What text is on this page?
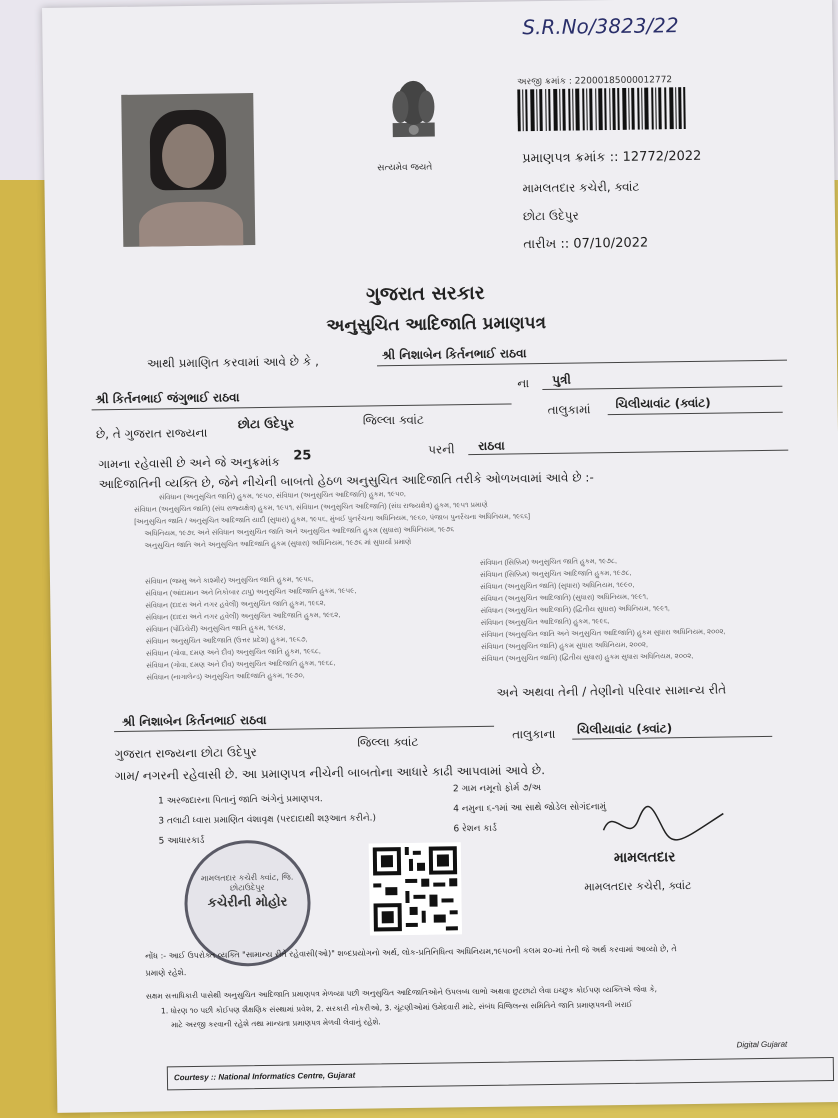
S.R.No/3823/22
સત્યમેવ જયતે
અરજી ક્રમાંક : 22000185000012772
પ્રમાણપત્ર ક્રમાંક :: 12772/2022
મામલતદાર કચેરી, ક્વાંટ
છોટા ઉદેપુર
તારીખ :: 07/10/2022
ગુજરાત સરકાર
અનુસુચિત આદિજાતિ પ્રમાણપત્ર
આથી પ્રમાણિત કરવામાં આવે છે કે ,	શ્રી નિશાબેન કિર્તનભાઈ રાઠવા
શ્રી કિર્તનભાઈ જંગુભાઈ રાઠવા
ના પુત્રી
છે, તે ગુજરાત રાજ્યના
છોટા ઉદેપુર	જિલ્લા ક્વાંટ
તાલુકામાં ચિલીયાવાંટ (ક્વાંટ)
ગામના રહેવાસી છે અને જે અનુક્રમાંક 25	પરની રાઠવા
આદિજાતિની વ્યક્તિ છે, જેને નીચેની બાબતો હેઠળ અનુસુચિત આદિજાતિ તરીકે ઓળખવામાં આવે છે :-
સંવિધાન (અનુસુચિત જાતિ) હુકમ, ૧૯૫૦, સંવિધાન (અનુસુચિત આદિજાતિ) હુકમ, ૧૯૫૦,
સંવિધાન (અનુસુચિત જાતિ) (સંઘ રાજ્યક્ષેત્ર) હુકમ, ૧૯૫૧, સંવિધાન (અનુસુચિત આદિજાતિ) (સંઘ રાજ્યક્ષેત્ર) હુકમ, ૧૯૫૧ પ્રમાણે
[અનુસુચિત જાતિ / અનુસુચિત આદિજાતિ યાદી (સુધારા) હુકમ, ૧૯૫૬, મુંબઈ પુનર્રચના અધિનિયમ, ૧૯૬૦, પંજાબ પુનર્રચના અધિનિયમ, ૧૯૬૬]
અધિનિયમ, ૧૯૭૬ અને સંવિધાન અનુસુચિત જાતિ અને અનુસુચિત આદિજાતિ હુકમ (સુધારા) અધિનિયમ, ૧૯૭૬
અનુસુચિત જાતિ અને અનુસુચિત આદિજાતિ હુકમ (સુધારા) અધિનિયમ, ૧૯૭૬ માં સુધાર્યા પ્રમાણે
સંવિધાન (જમ્મુ અને કાશ્મીર) અનુસુચિત જાતિ હુકમ, ૧૯૫૬,
સંવિધાન (આંદામાન અને નિકોબાર ટાપુ) અનુસુચિત આદિજાતિ હુકમ, ૧૯૫૯,
સંવિધાન (દાદરા અને નગર હવેલી) અનુસુચિત જાતિ હુકમ, ૧૯૬૨,
સંવિધાન (દાદરા અને નગર હવેલી) અનુસુચિત આદિજાતિ હુકમ, ૧૯૬૨,
સંવિધાન (પોંડિચેરી) અનુસુચિત જાતિ હુકમ, ૧૯૬૪,
સંવિધાન અનુસુચિત આદિજાતિ (ઉત્તર પ્રદેશ) હુકમ, ૧૯૬૭,
સંવિધાન (ગોવા, દમણ અને દીવ) અનુસુચિત જાતિ હુકમ, ૧૯૬૮,
સંવિધાન (ગોવા, દમણ અને દીવ) અનુસુચિત આદિજાતિ હુકમ, ૧૯૬૮,
સંવિધાન (નાગાલેન્ડ) અનુસુચિત આદિજાતિ હુકમ, ૧૯૭૦,
સંવિધાન (સિક્કિમ) અનુસુચિત જાતિ હુકમ, ૧૯૭૮,
સંવિધાન (સિક્કિમ) અનુસુચિત આદિજાતિ હુકમ, ૧૯૭૮,
સંવિધાન (અનુસુચિત જાતિ) (સુધારા) અધિનિયમ, ૧૯૯૦,
સંવિધાન (અનુસુચિત આદિજાતિ) (સુધારા) અધિનિયમ, ૧૯૯૧,
સંવિધાન (અનુસુચિત આદિજાતિ) (દ્વિતીય સુધારા) અધિનિયમ, ૧૯૯૧,
સંવિધાન (અનુસુચિત આદિજાતિ) હુકમ, ૧૯૯૬,
સંવિધાન (અનુસુચિત જાતિ અને અનુસુચિત આદિજાતિ) હુકમ સુધારા અધિનિયમ, ૨૦૦૨,
સંવિધાન (અનુસુચિત જાતિ) હુકમ સુધારા અધિનિયમ, ૨૦૦૨,
સંવિધાન (અનુસુચિત જાતિ) (દ્વિતીય સુધારા) હુકમ સુધારા અધિનિયમ, ૨૦૦૨,
અને અથવા તેની / તેણીનો પરિવાર સામાન્ય રીતે
શ્રી નિશાબેન કિર્તનભાઈ રાઠવા
ગુજરાત રાજ્યના છોટા ઉદેપુર
જિલ્લા ક્વાંટ
તાલુકાના ચિલીયાવાંટ (ક્વાંટ)
ગામ/ નગરની રહેવાસી છે. આ પ્રમાણપત્ર નીચેની બાબતોના આધારે કાઢી આપવામાં આવે છે.
1 અરજદારના પિતાનું જાતિ અંગેનું પ્રમાણપત્ર.
2 ગામ નમૂનો ફોર્મ ૭/અ
3 તલાટી ધ્વારા પ્રમાણિત વંશાવૃક્ષ (પરદાદાથી શરૂઆત કરીને.)
4 નમુના ૬-૧માં આ સાથે જોડેલ સોગંદનામું
5 આધારકાર્ડ
6 રેશન કાર્ડ
મામલતદાર
મામલતદાર કચેરી, ક્વાંટ
મામલતદાર કચેરી ક્વાંટ, જિ. છોટાઉદેપુર
કચેરીની મોહોર
નોંધ :- આઈ ઉપરોક્ત વ્યક્તિ "સામાન્ય રીતે રહેવાસી(ઓ)" શબ્દપ્રયોગનો અર્થ, લોક-પ્રતિનિધિત્વ અધિનિયમ,૧૯૫૦ની કલમ ૨૦-માં તેની જે અર્થ કરવામાં આવ્યો છે, તે
પ્રમાણે રહેશે.
સક્ષમ સત્તાધિકારી પાસેથી અનુસુચિત આદિજાતિ પ્રમાણપત્ર મેળવ્યા પછી અનુસુચિત આદિજાતિઓને ઉપલબ્ધ લાભો અથવા છુટછાટો લેવા ઇચ્છુક કોઈપણ વ્યક્તિએ જેવા કે,
1. ધોરણ ૧૦ પછી કોઈપણ શૈક્ષણિક સંસ્થામાં પ્રવેશ, 2. સરકારી નોકરીઓ, 3. ચૂંટણીઓમાં ઉમેદવારી માટે, સંબંધ વિજિલન્સ સમિતિને જાતિ પ્રમાણપત્રની ખરાઈ
માટે અરજી કરવાની રહેશે તથા માન્યતા પ્રમાણપત્ર મેળવી લેવાનું રહેશે.
Courtesy :: National Informatics Centre, Gujarat
Digital Gujarat
